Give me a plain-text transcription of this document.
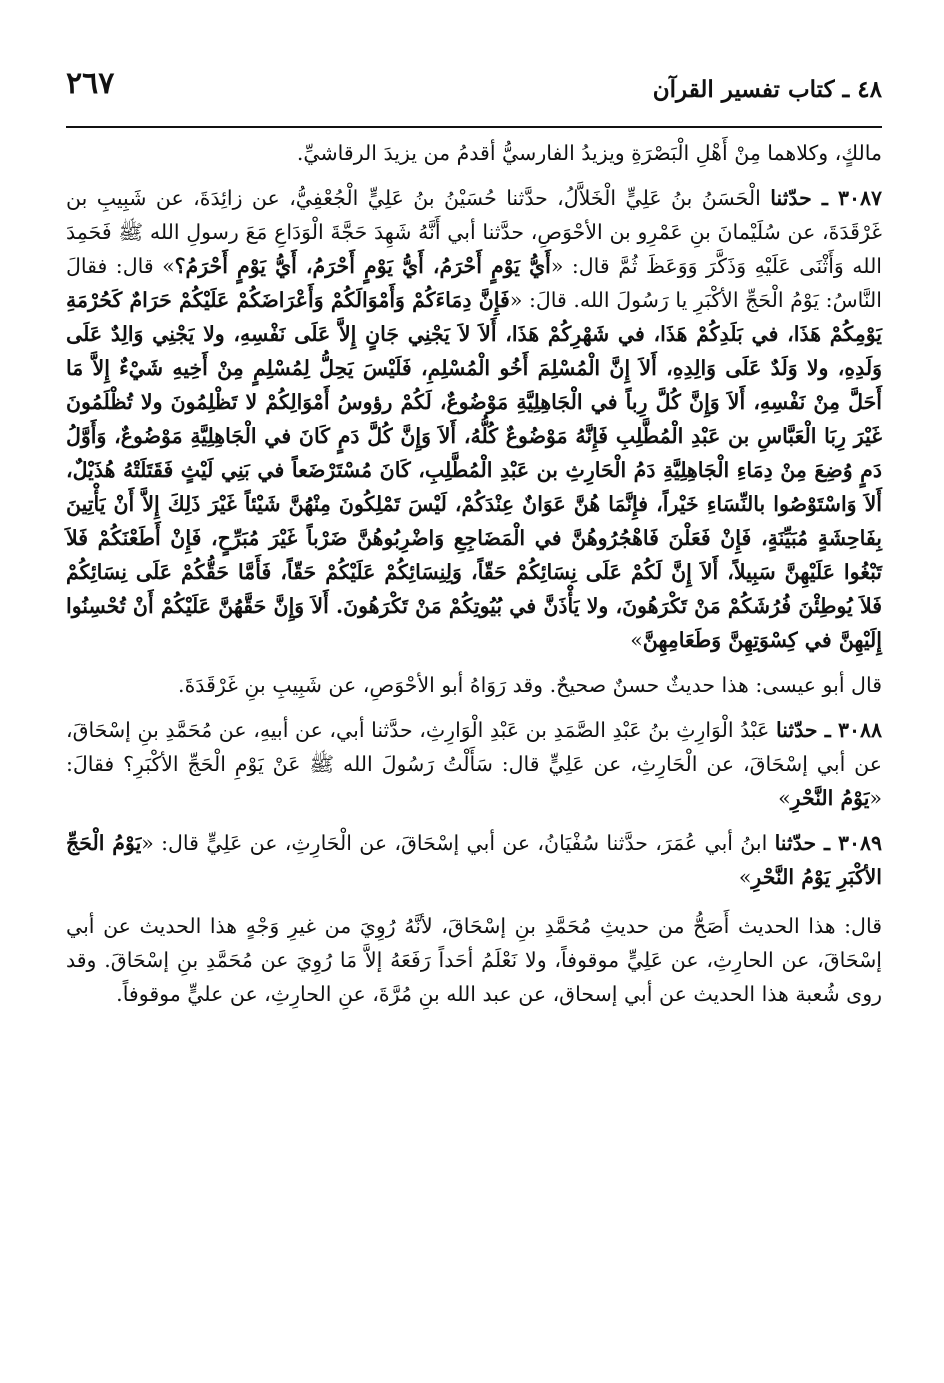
٢٦٧	٤٨ ـ كتاب تفسير القرآن

مالكٍ، وكلاهما مِنْ أَهْلِ الْبَصْرَةِ ويزيدُ الفارسيُّ أقدمُ من يزيدَ الرقاشيِّ.

٣٠٨٧ ـ حدّثنا الْحَسَنُ بنُ عَلِيٍّ الْخَلاَّلُ، حدَّثنا حُسَيْنُ بنُ عَلِيٍّ الْجُعْفِيُّ، عن زائِدَةَ، عن شَبِيبِ بن غَرْقَدَةَ، عن سُلَيْمانَ بنِ عَمْرِو بن الأحْوَصِ، حدَّثنا أبي أَنَّهُ شَهِدَ حَجَّةَ الْوَدَاعِ مَعَ رسولِ الله ﷺ فَحَمِدَ الله وَأَثْنَى عَلَيْهِ وَذَكَّرَ وَوَعَظَ ثُمَّ قال: «أَيُّ يَوْمٍ أَحْرَمُ، أَيُّ يَوْمٍ أَحْرَمُ، أَيُّ يَوْمٍ أَحْرَمُ؟» قال: فقالَ النَّاسُ: يَوْمُ الْحَجِّ الأكْبَرِ يا رَسُولَ الله. قالَ: «فَإِنَّ دِمَاءَكُمْ وَأَمْوَالَكُمْ وَأَعْرَاضَكُمْ عَلَيْكُمْ حَرَامٌ كَحُرْمَةِ يَوْمِكُمْ هَذَا، في بَلَدِكُمْ هَذَا، في شَهْرِكُمْ هَذَا، أَلاَ لاَ يَجْنِي جَانٍ إِلاَّ عَلَى نَفْسِهِ، ولا يَجْنِي وَالِدٌ عَلَى وَلَدِهِ، ولا وَلَدٌ عَلَى وَالِدِهِ، أَلاَ إِنَّ الْمُسْلِمَ أَخُو الْمُسْلِمِ، فَلَيْسَ يَحِلُّ لِمُسْلِمٍ مِنْ أَخِيهِ شَيْءٌ إِلاَّ مَا أَحَلَّ مِنْ نَفْسِهِ، أَلاَ وَإِنَّ كُلَّ رِباً في الْجَاهِلِيَّةِ مَوْضُوعٌ، لَكُمْ رؤوسُ أَمْوَالِكُمْ لا تَظْلِمُونَ ولا تُظْلَمُونَ غَيْرَ رِبَا الْعَبَّاسِ بن عَبْدِ الْمُطَّلِبِ فَإِنَّهُ مَوْضُوعٌ كُلُّهُ، أَلاَ وَإِنَّ كُلَّ دَمٍ كَانَ في الْجَاهِلِيَّةِ مَوْضُوعٌ، وَأَوَّلُ دَمٍ وُضِعَ مِنْ دِمَاءِ الْجَاهِلِيَّةِ دَمُ الْحَارِثِ بن عَبْدِ الْمُطَّلِبِ، كَانَ مُسْتَرْضَعاً في بَنِي لَيْثٍ فَقَتَلَتْهُ هُذَيْلٌ، أَلاَ وَاسْتَوْصُوا بالنِّسَاءِ خَيْراً، فإِنَّمَا هُنَّ عَوَانٌ عِنْدَكُمْ، لَيْسَ تَمْلِكُونَ مِنْهُنَّ شَيْئاً غَيْرَ ذَلِكَ إِلاَّ أَنْ يَأْتِينَ بِفَاحِشَةٍ مُبَيِّنَةٍ، فَإِنْ فَعَلْنَ فَاهْجُرُوهُنَّ في الْمَضَاجِعِ وَاضْرِبُوهُنَّ ضَرْباً غَيْرَ مُبَرِّحٍ، فَإِنْ أَطَعْنَكُمْ فَلاَ تَبْغُوا عَلَيْهِنَّ سَبِيلاً، أَلاَ إِنَّ لَكُمْ عَلَى نِسَائِكُمْ حَقّاً، وَلِنِسَائِكُمْ عَلَيْكُمْ حَقّاً، فَأَمَّا حَقُّكُمْ عَلَى نِسَائِكُمْ فَلاَ يُوطِئْنَ فُرُشَكُمْ مَنْ تَكْرَهُونَ، ولا يَأْذَنَّ في بُيُوتِكُمْ مَنْ تَكْرَهُونَ. أَلاَ وَإِنَّ حَقَّهُنَّ عَلَيْكُمْ أَنْ تُحْسِنُوا إِلَيْهِنَّ في كِسْوَتِهِنَّ وَطَعَامِهِنَّ»

قال أبو عيسى: هذا حديثٌ حسنٌ صحيحٌ. وقد رَوَاهُ أبو الأحْوَصِ، عن شَبِيبِ بنِ غَرْقَدَةَ.

٣٠٨٨ ـ حدّثنا عَبْدُ الْوَارِثِ بنُ عَبْدِ الصَّمَدِ بن عَبْدِ الْوَارِثِ، حدَّثنا أبي، عن أبيهِ، عن مُحَمَّدِ بنِ إسْحَاقَ، عن أبي إسْحَاقَ، عن الْحَارِثِ، عن عَلِيٍّ قال: سَأَلْتُ رَسُولَ الله ﷺ عَنْ يَوْمِ الْحَجِّ الأكْبَرِ؟ فقالَ: «يَوْمُ النَّحْرِ»

٣٠٨٩ ـ حدّثنا ابنُ أبي عُمَرَ، حدَّثنا سُفْيَانُ، عن أبي إسْحَاقَ، عن الْحَارِثِ، عن عَلِيٍّ قال: «يَوْمُ الْحَجِّ الأكْبَرِ يَوْمُ النَّحْرِ»

قال: هذا الحديث أَصَحُّ من حديثِ مُحَمَّدِ بنِ إسْحَاقَ، لأنَّهُ رُوِيَ من غيرِ وَجْهٍ هذا الحديث عن أبي إسْحَاقَ، عن الحارِثِ، عن عَلِيٍّ موقوفاً، ولا نَعْلَمُ أحَداً رَفَعَهُ إلاَّ مَا رُوِيَ عن مُحَمَّدِ بنِ إسْحَاقَ. وقد روى شُعبة هذا الحديث عن أبي إسحاق، عن عبد الله بنِ مُرَّةَ، عنِ الحارِثِ، عن عليٍّ موقوفاً.
